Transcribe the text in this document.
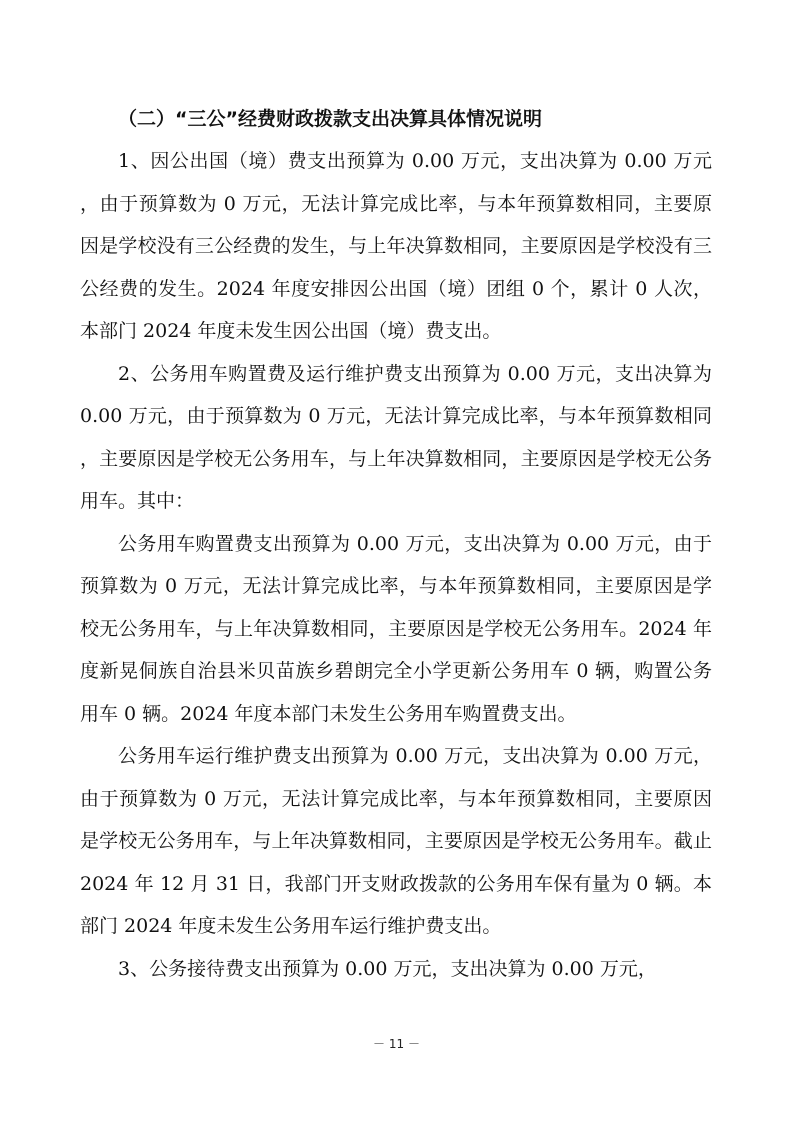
（二）“三公”经费财政拨款支出决算具体情况说明

1、因公出国（境）费支出预算为 0.00 万元，支出决算为 0.00 万元，由于预算数为 0 万元，无法计算完成比率，与本年预算数相同，主要原因是学校没有三公经费的发生，与上年决算数相同，主要原因是学校没有三公经费的发生。2024 年度安排因公出国（境）团组 0 个，累计 0 人次，本部门 2024 年度未发生因公出国（境）费支出。

2、公务用车购置费及运行维护费支出预算为 0.00 万元，支出决算为 0.00 万元，由于预算数为 0 万元，无法计算完成比率，与本年预算数相同，主要原因是学校无公务用车，与上年决算数相同，主要原因是学校无公务用车。其中：

公务用车购置费支出预算为 0.00 万元，支出决算为 0.00 万元，由于预算数为 0 万元，无法计算完成比率，与本年预算数相同，主要原因是学校无公务用车，与上年决算数相同，主要原因是学校无公务用车。2024 年度新晃侗族自治县米贝苗族乡碧朗完全小学更新公务用车 0 辆，购置公务用车 0 辆。2024 年度本部门未发生公务用车购置费支出。

公务用车运行维护费支出预算为 0.00 万元，支出决算为 0.00 万元，由于预算数为 0 万元，无法计算完成比率，与本年预算数相同，主要原因是学校无公务用车，与上年决算数相同，主要原因是学校无公务用车。截止 2024 年 12 月 31 日，我部门开支财政拨款的公务用车保有量为 0 辆。本部门 2024 年度未发生公务用车运行维护费支出。

3、公务接待费支出预算为 0.00 万元，支出决算为 0.00 万元，

－ 11 －
